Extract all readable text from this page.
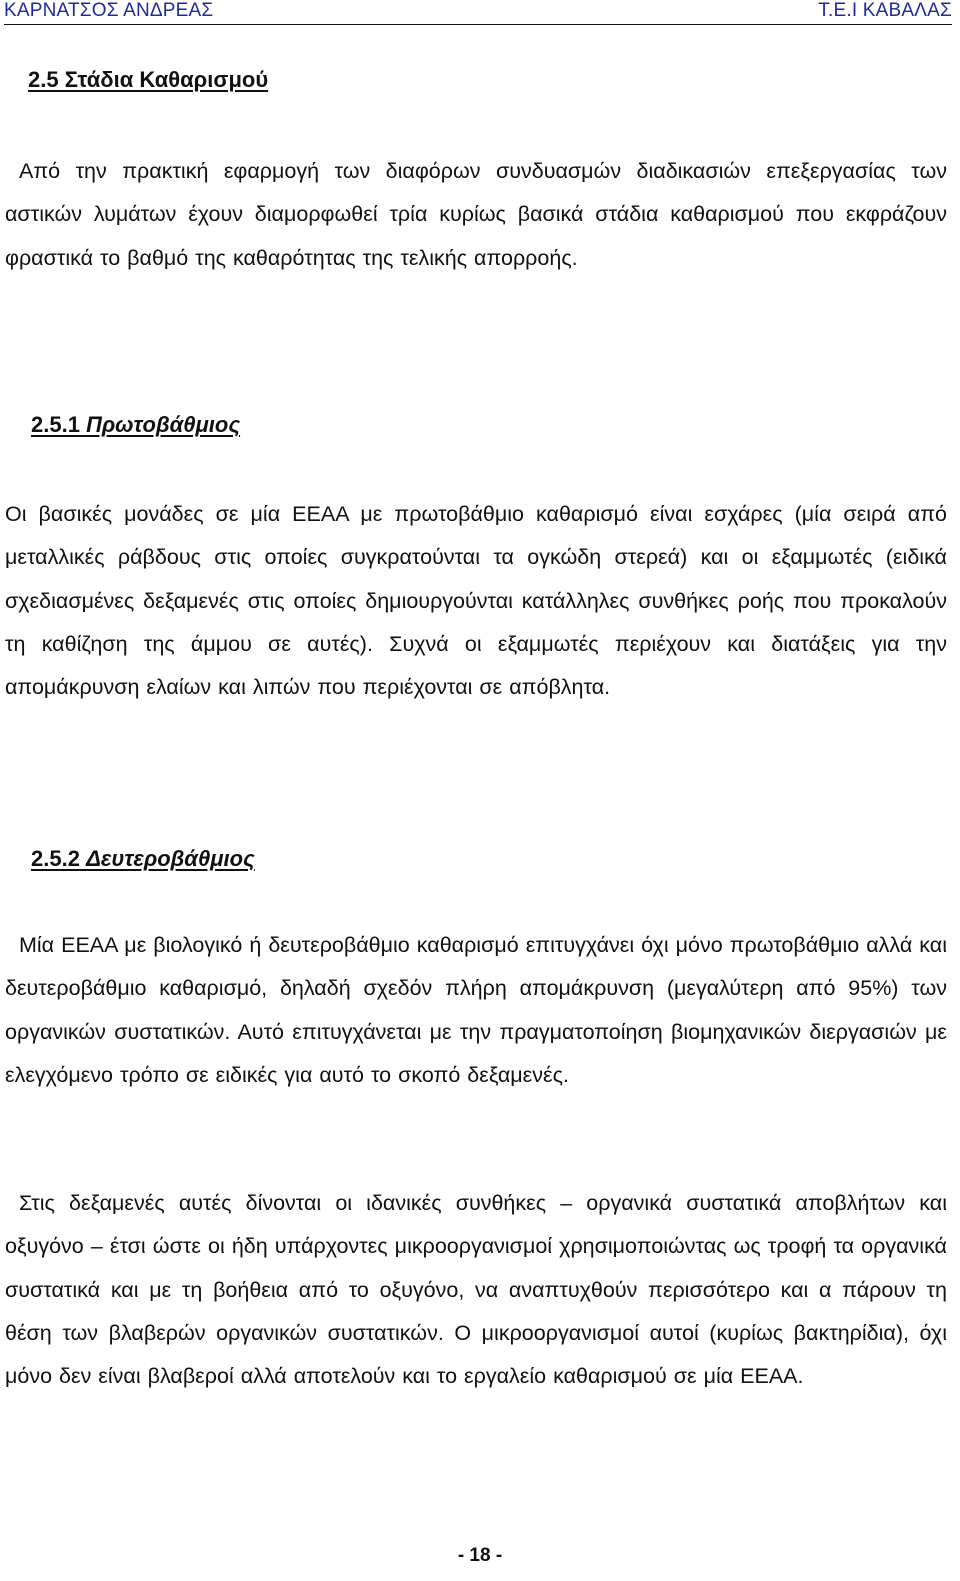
ΚΑΡΝΑΤΣΟΣ ΑΝΔΡΕΑΣ	Τ.Ε.Ι ΚΑΒΑΛΑΣ
2.5 Στάδια Καθαρισμού

Από την πρακτική εφαρμογή των διαφόρων συνδυασμών διαδικασιών επεξεργασίας των αστικών λυμάτων έχουν διαμορφωθεί τρία κυρίως βασικά στάδια καθαρισμού που εκφράζουν φραστικά το βαθμό της καθαρότητας της τελικής απορροής.

2.5.1 Πρωτοβάθμιος

Οι βασικές μονάδες σε μία ΕΕΑΑ με πρωτοβάθμιο καθαρισμό είναι εσχάρες (μία σειρά από μεταλλικές ράβδους στις οποίες συγκρατούνται τα ογκώδη στερεά) και οι εξαμμωτές (ειδικά σχεδιασμένες δεξαμενές στις οποίες δημιουργούνται κατάλληλες συνθήκες ροής που προκαλούν τη καθίζηση της άμμου σε αυτές). Συχνά οι εξαμμωτές περιέχουν και διατάξεις για την απομάκρυνση ελαίων και λιπών που περιέχονται σε απόβλητα.

2.5.2 Δευτεροβάθμιος

Μία ΕΕΑΑ με βιολογικό ή δευτεροβάθμιο καθαρισμό επιτυγχάνει όχι μόνο πρωτοβάθμιο αλλά και δευτεροβάθμιο καθαρισμό, δηλαδή σχεδόν πλήρη απομάκρυνση (μεγαλύτερη από 95%) των οργανικών συστατικών. Αυτό επιτυγχάνεται με την πραγματοποίηση βιομηχανικών διεργασιών με ελεγχόμενο τρόπο σε ειδικές για αυτό το σκοπό δεξαμενές.

Στις δεξαμενές αυτές δίνονται οι ιδανικές συνθήκες – οργανικά συστατικά αποβλήτων και οξυγόνο – έτσι ώστε οι ήδη υπάρχοντες μικροοργανισμοί χρησιμοποιώντας ως τροφή τα οργανικά συστατικά και με τη βοήθεια από το οξυγόνο, να αναπτυχθούν περισσότερο και α πάρουν τη θέση των βλαβερών οργανικών συστατικών. Ο μικροοργανισμοί αυτοί (κυρίως βακτηρίδια), όχι μόνο δεν είναι βλαβεροί αλλά αποτελούν και το εργαλείο καθαρισμού σε μία ΕΕΑΑ.

- 18 -
